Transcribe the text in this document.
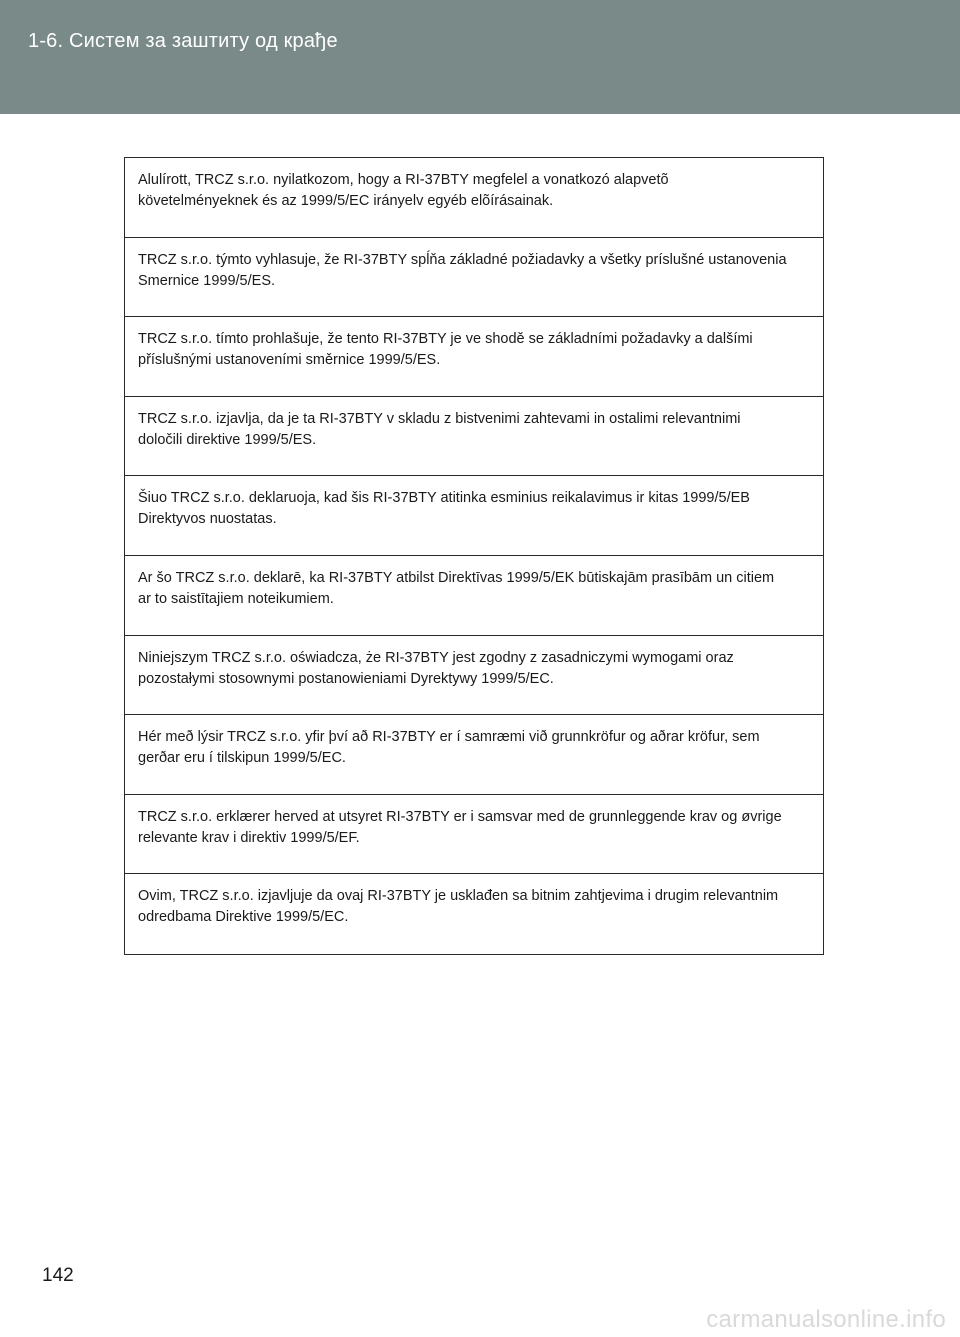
1-6. Систем за заштиту од крађе
Alulírott, TRCZ s.r.o. nyilatkozom, hogy a RI-37BTY megfelel a vonatkozó alapvetõ követelményeknek és az 1999/5/EC irányelv egyéb elõírásainak.
TRCZ s.r.o. týmto vyhlasuje, že RI-37BTY spĺňa základné požiadavky a všetky príslušné ustanovenia Smernice 1999/5/ES.
TRCZ s.r.o. tímto prohlašuje, že tento RI-37BTY je ve shodě se základními požadavky a dalšími příslušnými ustanoveními směrnice 1999/5/ES.
TRCZ s.r.o. izjavlja, da je ta RI-37BTY v skladu z bistvenimi zahtevami in ostalimi relevantnimi določili direktive 1999/5/ES.
Šiuo TRCZ s.r.o. deklaruoja, kad šis RI-37BTY atitinka esminius reikalavimus ir kitas 1999/5/EB Direktyvos nuostatas.
Ar šo TRCZ s.r.o. deklarē, ka RI-37BTY atbilst Direktīvas 1999/5/EK būtiskajām prasībām un citiem ar to saistītajiem noteikumiem.
Niniejszym TRCZ s.r.o. oświadcza, że RI-37BTY jest zgodny z zasadniczymi wymogami oraz pozostałymi stosownymi postanowieniami Dyrektywy 1999/5/EC.
Hér með lýsir TRCZ s.r.o. yfir því að RI-37BTY er í samræmi við grunnkröfur og aðrar kröfur, sem gerðar eru í tilskipun 1999/5/EC.
TRCZ s.r.o. erklærer herved at utsyret RI-37BTY er i samsvar med de grunnleggende krav og øvrige relevante krav i direktiv 1999/5/EF.
Ovim, TRCZ s.r.o. izjavljuje da ovaj RI-37BTY je usklađen sa bitnim zahtjevima i drugim relevantnim odredbama Direktive 1999/5/EC.
142
carmanualsonline.info
